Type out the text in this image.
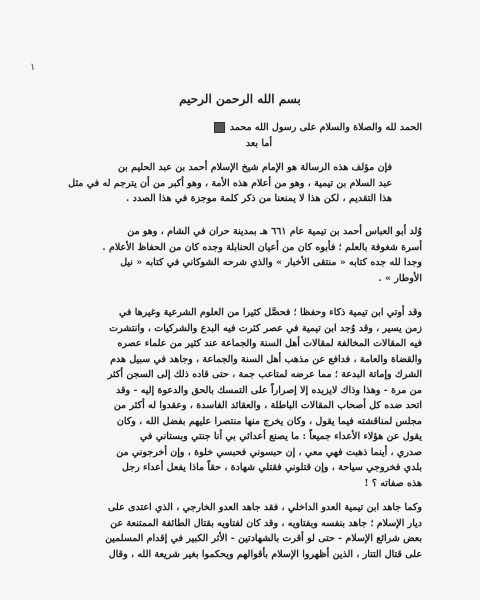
١
بسم الله الرحمن الرحيم
الحمد لله والصلاة والسلام على رسول الله محمد
أما بعد
فإن مؤلف هذه الرسالة هو الإمام شيخ الإسلام أحمد بن عبد الحليم بن
عبد السلام بن تيمية ، وهو من أعلام هذه الأمة ، وهو أكبر من أن يترجم له في مثل
هذا التقديم ، لكن هذا لا يمنعنا من ذكر كلمة موجزة في هذا الصدد .
وُلد أبو العباس أحمد بن تيمية عام ٦٦١ هـ بمدينة حران في الشام ، وهو من
أسرة شغوفة بالعلم ؛ فأبوه كان من أعيان الحنابلة وجده كان من الحفاظ الأعلام .
وجدا لله جده كتابه « منتقى الأخبار » والذي شرحه الشوكاني في كتابه « نيل
الأوطار » .
وقد أوتي ابن تيمية ذكاء وحفظا ؛ فحصَّل كثيرا من العلوم الشرعية وغيرها في
زمن يسير ، وقد وُجد ابن تيمية في عصر كثرت فيه البدع والشركيات ، وانتشرت
فيه المقالات المخالفة لمقالات أهل السنة والجماعة عند كثير من علماء عصره
والقضاة والعامة ، فدافع عن مذهب أهل السنة والجماعة ، وجاهد في سبيل هدم
الشرك وإماتة البدعة ؛ مما عرضه لمتاعب جمة ، حتى قاده ذلك إلى السجن أكثر
من مرة - وهذا وذاك لايزيده إلا إصراراً على التمسك بالحق والدعوة إليه - وقد
اتحد ضده كل أصحاب المقالات الباطلة ، والعقائد الفاسدة ، وعقدوا له أكثر من
مجلس لمناقشته فيما يقول ، وكان يخرج منها منتصرا عليهم بفضل الله ، وكان
يقول عن هؤلاء الأعداء جميعاً : ما يصنع أعدائي بي أنا جنتي وبستاني في
صدري ، أينما ذهبت فهي معي ، إن حبسوني فحبسي خلوة ، وإن أخرجوني من
بلدي فخروجي سياحة ، وإن قتلوني فقتلي شهادة ، حقاً ماذا يفعل أعداء رجل
هذه صفاته ؟ !
وكما جاهد ابن تيمية العدو الداخلي ، فقد جاهد العدو الخارجي ، الذي اعتدى على
ديار الإسلام ؛ جاهد بنفسه وبفتاويه ، وقد كان لفتاويه بقتال الطائفة الممتنعة عن
بعض شرائع الإسلام - حتى لو أقرت بالشهادتين - الأثر الكبير في إقدام المسلمين
على قتال التتار ، الذين أظهروا الإسلام بأقوالهم ويحكموا بغير شريعة الله ، وقال
